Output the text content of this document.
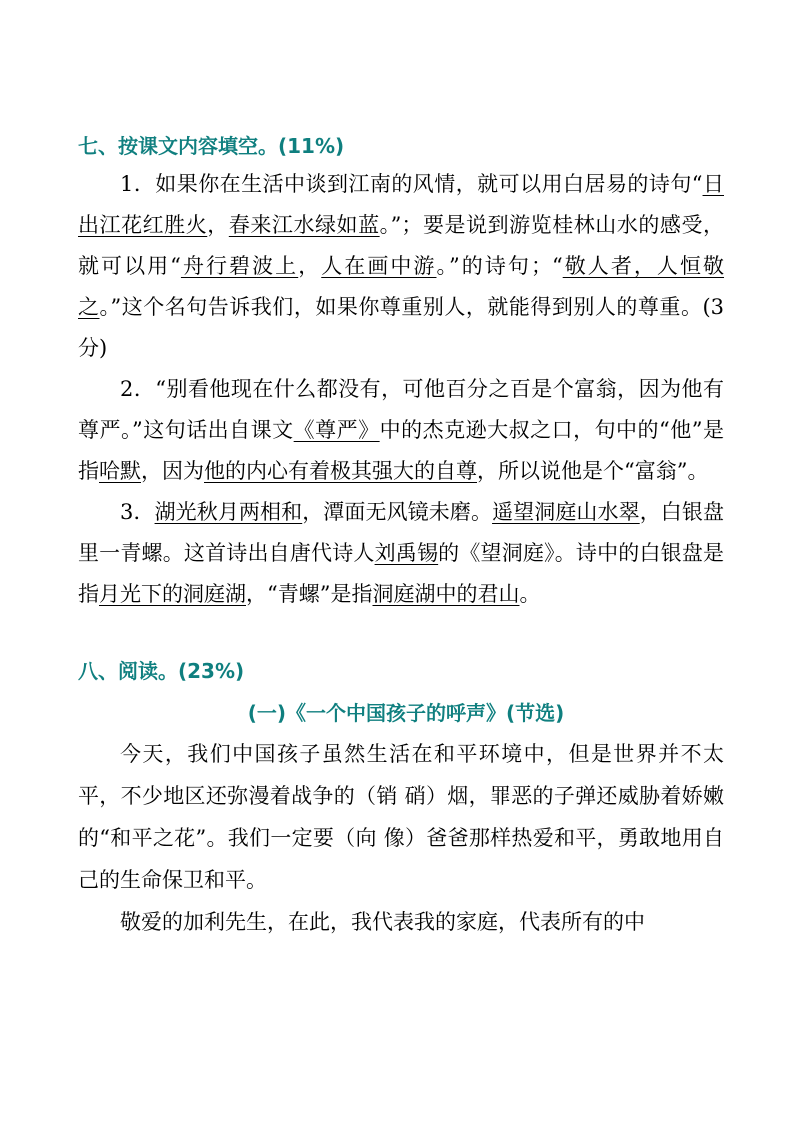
七、按课文内容填空。(11%)

1．如果你在生活中谈到江南的风情，就可以用白居易的诗句“日出江花红胜火，春来江水绿如蓝。”；要是说到游览桂林山水的感受，就可以用“舟行碧波上，人在画中游。”的诗句；“敬人者，人恒敬之。”这个名句告诉我们，如果你尊重别人，就能得到别人的尊重。(3 分)

2．“别看他现在什么都没有，可他百分之百是个富翁，因为他有尊严。”这句话出自课文《尊严》中的杰克逊大叔之口，句中的“他”是指哈默，因为他的内心有着极其强大的自尊，所以说他是个“富翁”。

3．湖光秋月两相和，潭面无风镜未磨。遥望洞庭山水翠，白银盘里一青螺。这首诗出自唐代诗人刘禹锡的《望洞庭》。诗中的白银盘是指月光下的洞庭湖，“青螺”是指洞庭湖中的君山。

八、阅读。(23%)
(一)《一个中国孩子的呼声》(节选)

今天，我们中国孩子虽然生活在和平环境中，但是世界并不太平，不少地区还弥漫着战争的（销 硝）烟，罪恶的子弹还威胁着娇嫩的“和平之花”。我们一定要（向 像）爸爸那样热爱和平，勇敢地用自己的生命保卫和平。

敬爱的加利先生，在此，我代表我的家庭，代表所有的中
